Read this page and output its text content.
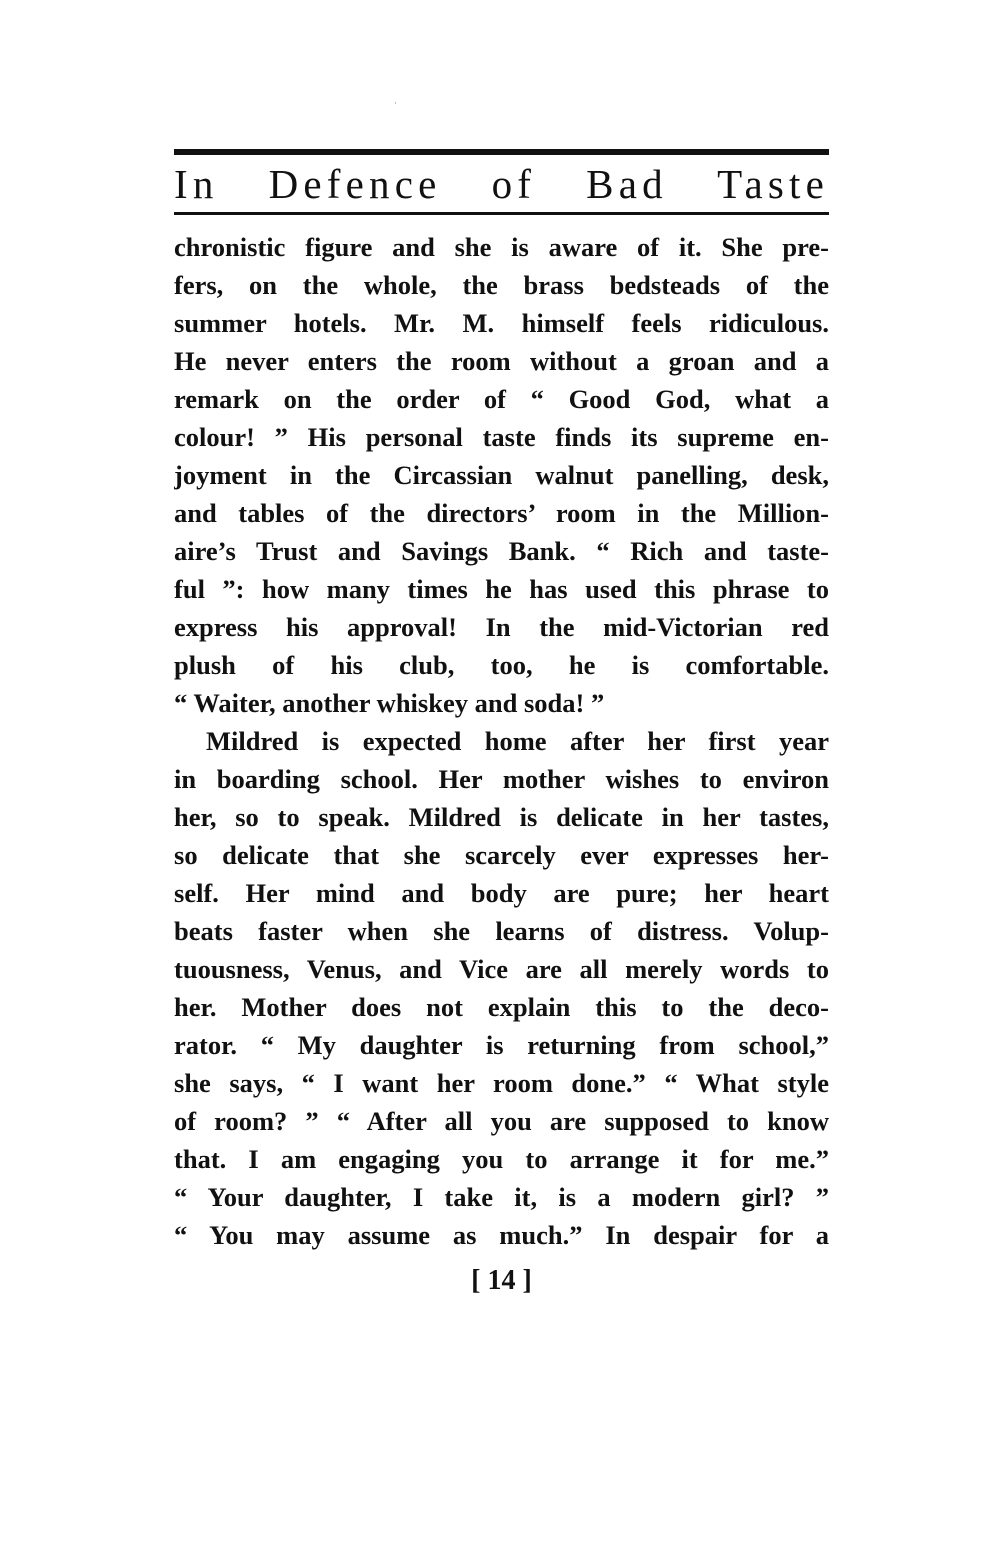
In Defence of Bad Taste
chronistic figure and she is aware of it. She pre-
fers, on the whole, the brass bedsteads of the
summer hotels. Mr. M. himself feels ridiculous.
He never enters the room without a groan and a
remark on the order of “ Good God, what a
colour! ” His personal taste finds its supreme en-
joyment in the Circassian walnut panelling, desk,
and tables of the directors’ room in the Million-
aire’s Trust and Savings Bank. “ Rich and taste-
ful ”: how many times he has used this phrase to
express his approval! In the mid-Victorian red
plush of his club, too, he is comfortable.
“ Waiter, another whiskey and soda! ”
Mildred is expected home after her first year
in boarding school. Her mother wishes to environ
her, so to speak. Mildred is delicate in her tastes,
so delicate that she scarcely ever expresses her-
self. Her mind and body are pure; her heart
beats faster when she learns of distress. Volup-
tuousness, Venus, and Vice are all merely words to
her. Mother does not explain this to the deco-
rator. “ My daughter is returning from school,”
she says, “ I want her room done.” “ What style
of room? ” “ After all you are supposed to know
that. I am engaging you to arrange it for me.”
“ Your daughter, I take it, is a modern girl? ”
“ You may assume as much.” In despair for a
[ 14 ]
